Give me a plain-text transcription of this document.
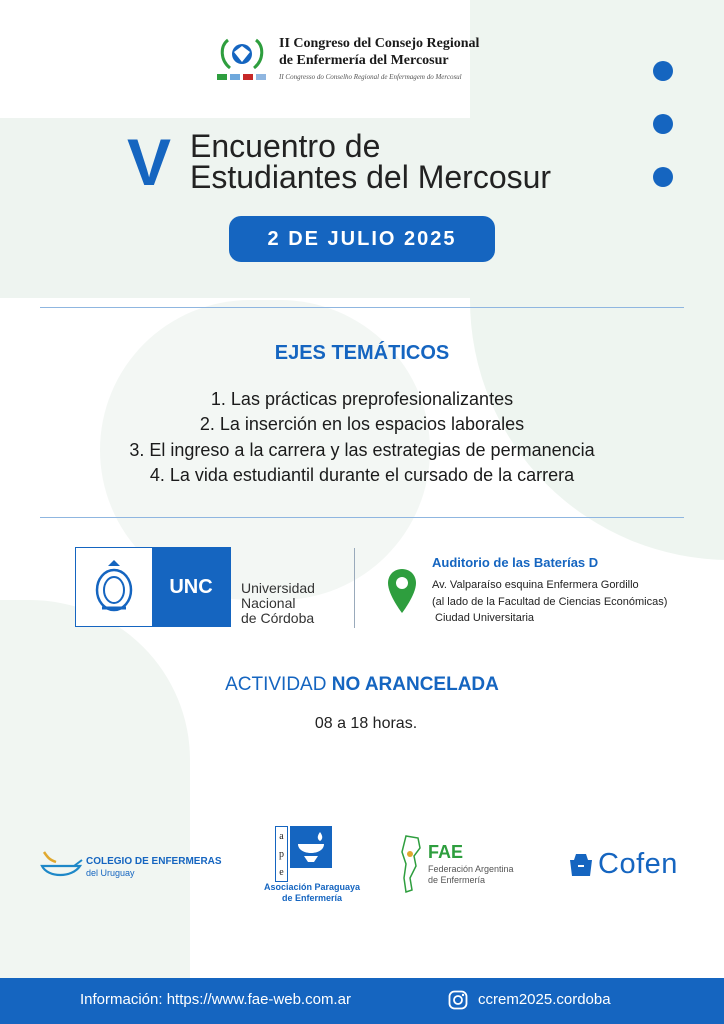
II Congreso del Consejo Regional
de Enfermería del Mercosur
II Congresso do Conselho Regional de Enfermagem do Mercosul
V Encuentro de
Estudiantes del Mercosur
2 DE JULIO 2025
EJES TEMÁTICOS
1. Las prácticas preprofesionalizantes
2. La inserción en los espacios laborales
3. El ingreso a la carrera y las estrategias de permanencia
4. La vida estudiantil durante el cursado de la carrera
UNC Universidad
Nacional
de Córdoba
Auditorio de las Baterías D
Av. Valparaíso esquina Enfermera Gordillo
(al lado de la Facultad de Ciencias Económicas)
Ciudad Universitaria
ACTIVIDAD NO ARANCELADA
08 a 18 horas.
COLEGIO DE ENFERMERAS
del Uruguay
a
p
e
Asociación Paraguaya
de Enfermería
FAE
Federación Argentina
de Enfermería	Cofen
Información: https://www.fae-web.com.ar	ccrem2025.cordoba
